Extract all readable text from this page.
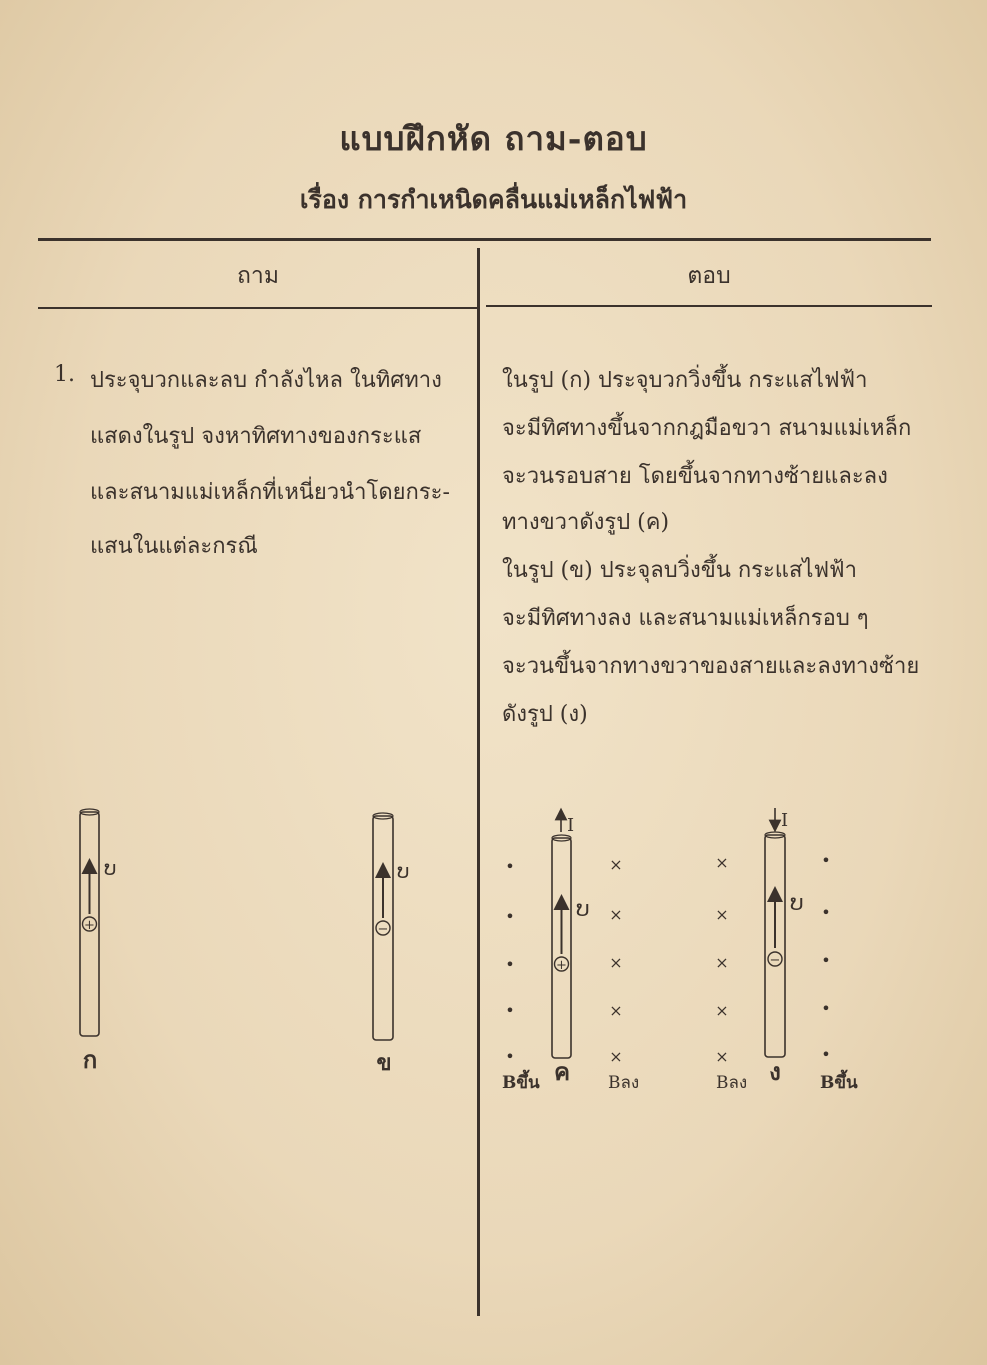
แบบฝึกหัด ถาม-ตอบ
เรื่อง การกำเหนิดคลื่นแม่เหล็กไฟฟ้า
ถาม	ตอบ
1. ประจุบวกและลบ กำลังไหล ในทิศทาง
แสดงในรูป จงหาทิศทางของกระแส
และสนามแม่เหล็กที่เหนี่ยวนำโดยกระ-
แสนในแต่ละกรณี
ในรูป (ก) ประจุบวกวิ่งขึ้น กระแสไฟฟ้า
จะมีทิศทางขึ้นจากกฎมือขวา สนามแม่เหล็ก
จะวนรอบสาย โดยขึ้นจากทางซ้ายและลง
ทางขวาดังรูป (ค)
ในรูป (ข) ประจุลบวิ่งขึ้น กระแสไฟฟ้า
จะมีทิศทางลง และสนามแม่เหล็กรอบ ๆ
จะวนขึ้นจากทางขวาของสายและลงทางซ้าย
ดังรูป (ง)
+
ບ
ก
−
ບ
ข
I
+
ບ
•
•
•
•
•
×
×
×
×
×
ค
Bขึ้น	Bลง
I
−
ບ
×
×
×
×
×
•
•
•
•
•
ง
Bลง	Bขึ้น
